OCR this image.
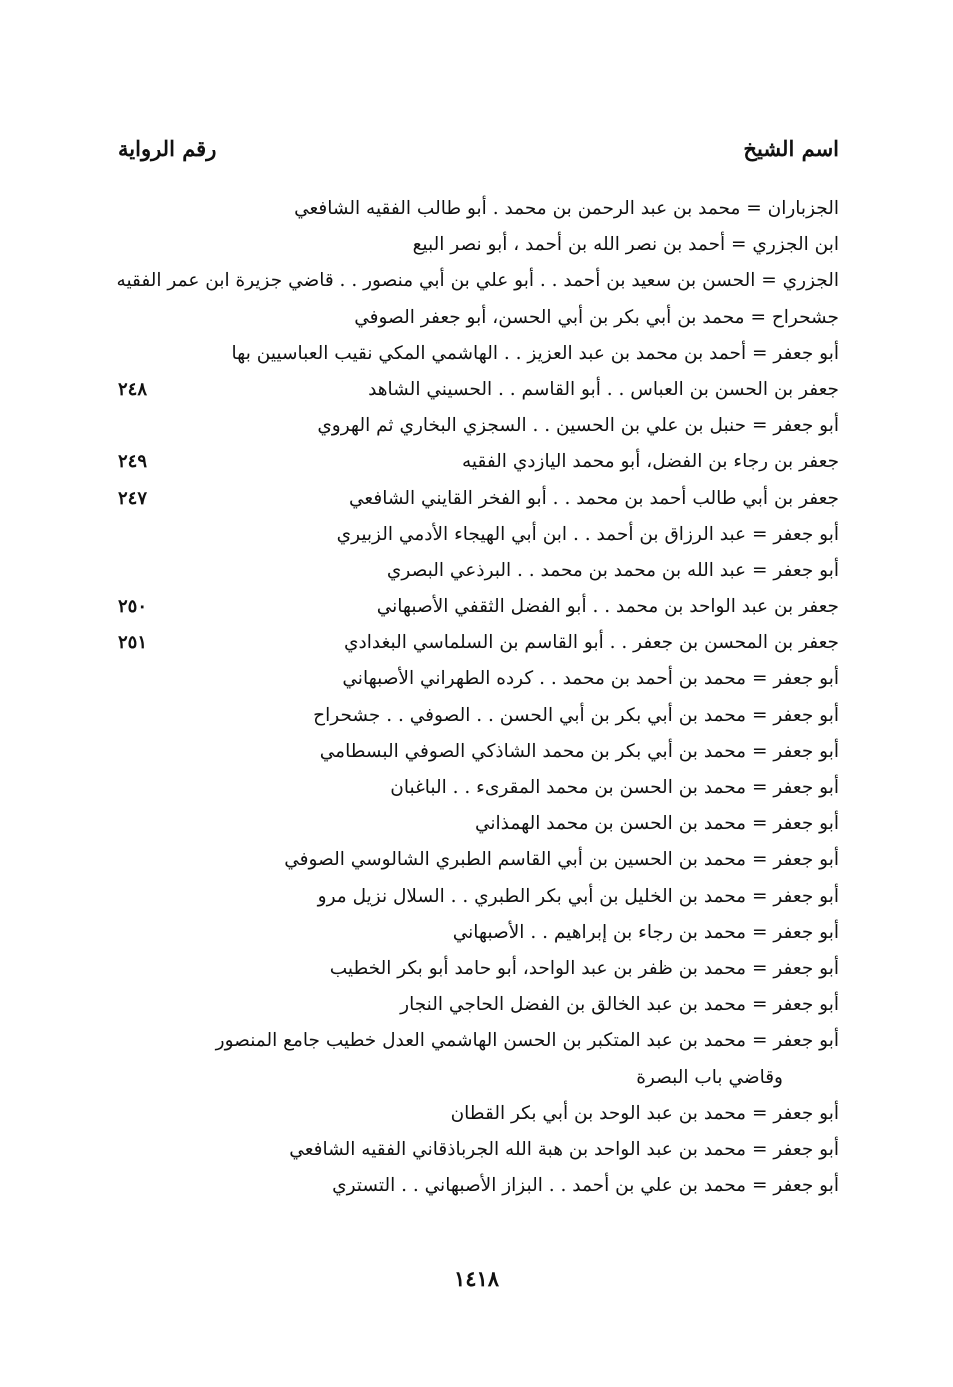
اسم الشيخ
رقم الرواية
الجزباران = محمد بن عبد الرحمن بن محمد . أبو طالب الفقيه الشافعي
ابن الجزري = أحمد بن نصر الله بن أحمد ، أبو نصر البيع
الجزري = الحسن بن سعيد بن أحمد . . أبو علي بن أبي منصور . . قاضي جزيرة ابن عمر الفقيه
جشحراح = محمد بن أبي بكر بن أبي الحسن، أبو جعفر الصوفي
أبو جعفر = أحمد بن محمد بن عبد العزيز . . الهاشمي المكي نقيب العباسيين بها
جعفر بن الحسن بن العباس . . أبو القاسم . . الحسيني الشاهد
٢٤٨
أبو جعفر = حنبل بن علي بن الحسين . . السجزي البخاري ثم الهروي
جعفر بن رجاء بن الفضل، أبو محمد اليازدي الفقيه
٢٤٩
جعفر بن أبي طالب أحمد بن محمد . . أبو الفخر القايني الشافعي
٢٤٧
أبو جعفر = عبد الرزاق بن أحمد . . ابن أبي الهيجاء الأدمي الزبيري
أبو جعفر = عبد الله بن محمد بن محمد . . البرذعي البصري
جعفر بن عبد الواحد بن محمد . . أبو الفضل الثقفي الأصبهاني
٢٥٠
جعفر بن المحسن بن جعفر . . أبو القاسم بن السلماسي البغدادي
٢٥١
أبو جعفر = محمد بن أحمد بن محمد . . كرده الطهراني الأصبهاني
أبو جعفر = محمد بن أبي بكر بن أبي الحسن . . الصوفي . . جشحراح
أبو جعفر = محمد بن أبي بكر بن محمد الشاذكي الصوفي البسطامي
أبو جعفر = محمد بن الحسن بن محمد المقرىء . . الباغبان
أبو جعفر = محمد بن الحسن بن محمد الهمذاني
أبو جعفر = محمد بن الحسين بن أبي القاسم الطبري الشالوسي الصوفي
أبو جعفر = محمد بن الخليل بن أبي بكر الطبري . . السلال نزيل مرو
أبو جعفر = محمد بن رجاء بن إبراهيم . . الأصبهاني
أبو جعفر = محمد بن ظفر بن عبد الواحد، أبو حامد أبو بكر الخطيب
أبو جعفر = محمد بن عبد الخالق بن الفضل الحاجي النجار
أبو جعفر = محمد بن عبد المتكبر بن الحسن الهاشمي العدل خطيب جامع المنصور
وقاضي باب البصرة
أبو جعفر = محمد بن عبد الوحد بن أبي بكر القطان
أبو جعفر = محمد بن عبد الواحد بن هبة الله الجرباذقاني الفقيه الشافعي
أبو جعفر = محمد بن علي بن أحمد . . البزاز الأصبهاني . . التستري
١٤١٨
